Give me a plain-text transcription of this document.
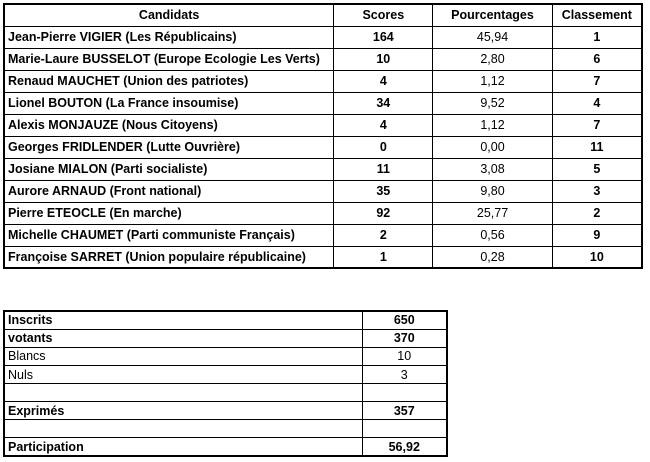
Candidats	Scores	Pourcentages	Classement
Jean-Pierre VIGIER (Les Républicains)	164	45,94	1
Marie-Laure BUSSELOT (Europe Ecologie Les Verts)	10	2,80	6
Renaud MAUCHET (Union des patriotes)	4	1,12	7
Lionel BOUTON (La France insoumise)	34	9,52	4
Alexis MONJAUZE (Nous Citoyens)	4	1,12	7
Georges FRIDLENDER (Lutte Ouvrière)	0	0,00	11
Josiane MIALON (Parti socialiste)	11	3,08	5
Aurore ARNAUD (Front national)	35	9,80	3
Pierre ETEOCLE (En marche)	92	25,77	2
Michelle CHAUMET (Parti communiste Français)	2	0,56	9
Françoise SARRET (Union populaire républicaine)	1	0,28	10
Inscrits	650
votants	370
Blancs	10
Nuls	3

Exprimés	357

Participation	56,92
